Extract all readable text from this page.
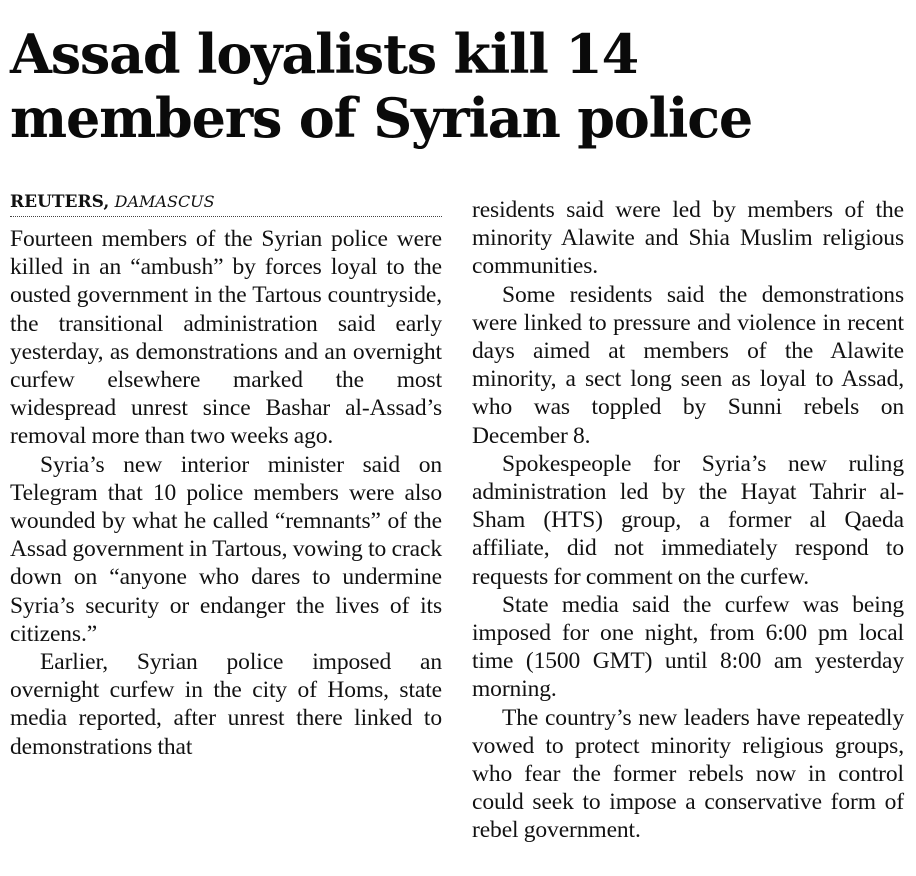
Assad loyalists kill 14
members of Syrian police
REUTERS, DAMASCUS

Fourteen members of the Syrian police were killed in an “ambush” by forces loyal to the ousted government in the Tartous countryside, the transitional administration said early yesterday, as demonstrations and an overnight curfew elsewhere marked the most widespread unrest since Bashar al-Assad’s removal more than two weeks ago.

Syria’s new interior minister said on Telegram that 10 police members were also wounded by what he called “remnants” of the Assad government in Tartous, vowing to crack down on “anyone who dares to undermine Syria’s security or endanger the lives of its citizens.”

Earlier, Syrian police imposed an overnight curfew in the city of Homs, state media reported, after unrest there linked to demonstrations that

residents said were led by members of the minority Alawite and Shia Muslim religious communities.

Some residents said the demonstrations were linked to pressure and violence in recent days aimed at members of the Alawite minority, a sect long seen as loyal to Assad, who was toppled by Sunni rebels on December 8.

Spokespeople for Syria’s new ruling administration led by the Hayat Tahrir al-Sham (HTS) group, a former al Qaeda affiliate, did not immediately respond to requests for comment on the curfew.

State media said the curfew was being imposed for one night, from 6:00 pm local time (1500 GMT) until 8:00 am yesterday morning.

The country’s new leaders have repeatedly vowed to protect minority religious groups, who fear the former rebels now in control could seek to impose a conservative form of rebel government.
